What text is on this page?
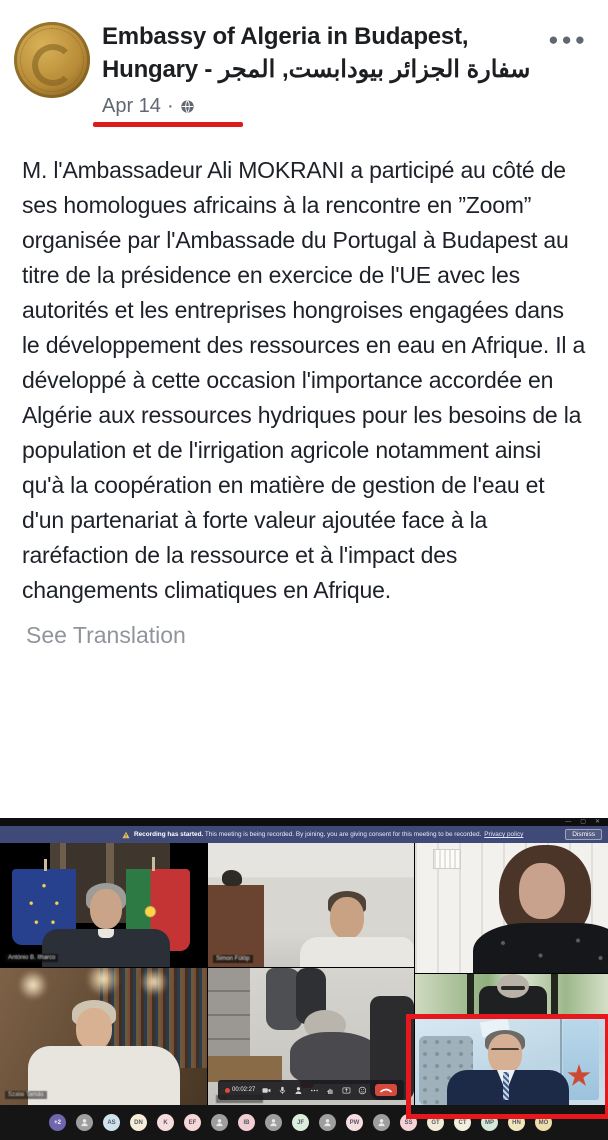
Embassy of Algeria in Budapest, Hungary - سفارة الجزائر بيودابست, المجر
Apr 14 ·
●●●
M. l'Ambassadeur Ali MOKRANI a participé au côté de ses homologues africains à la rencontre en ”Zoom” organisée par l'Ambassade du Portugal à Budapest au titre de la présidence en exercice de l'UE avec les autorités et les entreprises hongroises engagées dans le développement des ressources en eau en Afrique. Il a développé à cette occasion l'importance accordée en Algérie aux ressources hydriques pour les besoins de la population et de l'irrigation agricole notamment ainsi qu'à la coopération en matière de gestion de l'eau et d'un partenariat à forte valeur ajoutée face à la raréfaction de la ressource et à l'impact des changements climatiques en Afrique.
See Translation
— ▢ ✕
Recording has started. This meeting is being recorded. By joining, you are giving consent for this meeting to be recorded. Privacy policy	Dismiss
António B. Ilharco	Simon Fülöp
Szalai Tamás
00:02:27
+2	AS	DN	K	EF	IB	JF	PW	SS	GT	CT	MP	HN	MO
